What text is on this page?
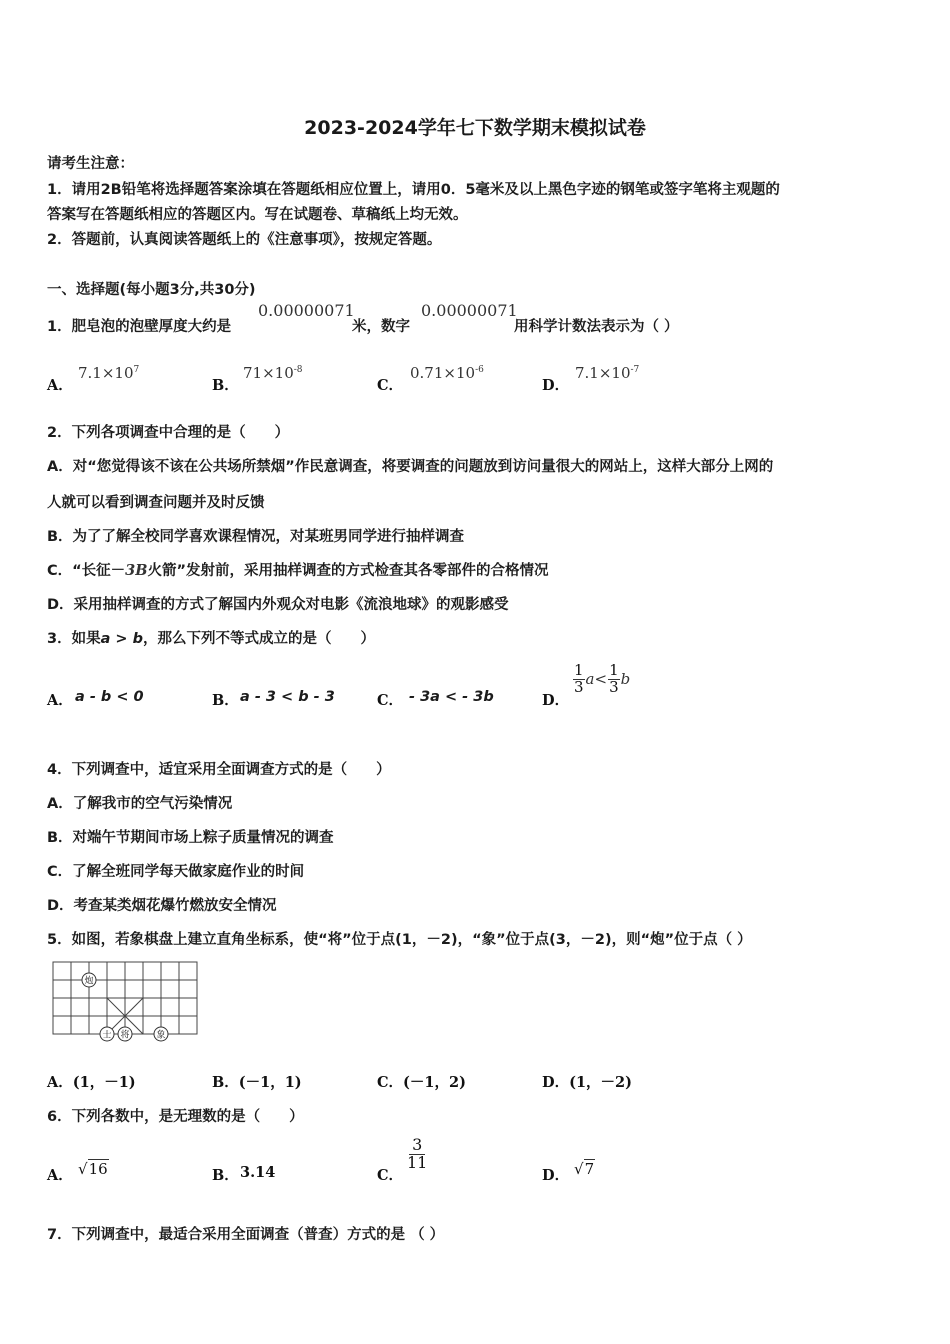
2023-2024学年七下数学期末模拟试卷
请考生注意：
1．请用2B铅笔将选择题答案涂填在答题纸相应位置上，请用0．5毫米及以上黑色字迹的钢笔或签字笔将主观题的
答案写在答题纸相应的答题区内。写在试题卷、草稿纸上均无效。
2．答题前，认真阅读答题纸上的《注意事项》，按规定答题。
一、选择题(每小题3分,共30分)
1．肥皂泡的泡壁厚度大约是
0.00000071
米，数字
0.00000071
用科学计数法表示为（ ）
A．
$7.1\times 10^7$
B．
$71\times 10^{-8}$
C．
$0.71\times 10^{-6}$
D．
$7.1\times 10^{-7}$
2．下列各项调查中合理的是（　　）
A．对“您觉得该不该在公共场所禁烟”作民意调查，将要调查的问题放到访问量很大的网站上，这样大部分上网的
人就可以看到调查问题并及时反馈
B．为了了解全校同学喜欢课程情况，对某班男同学进行抽样调查
C．“长征－3B火箭”发射前，采用抽样调查的方式检查其各零部件的合格情况
D．采用抽样调查的方式了解国内外观众对电影《流浪地球》的观影感受
3．如果a > b，那么下列不等式成立的是（　　）
A． a - b < 0	B． a - 3 < b - 3	C． - 3a < - 3b	D．
$\frac{1}{3} a< \frac{1}{3}$ b
4．下列调查中，适宜采用全面调查方式的是（　　）
A．了解我市的空气污染情况
B．对端午节期间市场上粽子质量情况的调查
C．了解全班同学每天做家庭作业的时间
D．考查某类烟花爆竹燃放安全情况
5．如图，若象棋盘上建立直角坐标系，使“将”位于点(1，－2)，“象”位于点(3，－2)，则“炮”位于点（ ）
炮
士 将	象
A．(1，－1)	B．(－1，1)	C．(－1，2)	D．(1，－2)
6．下列各数中，是无理数的是（　　）
A． √16	B． 3.14	C．
$\frac{3}{11}$
D． √7
7．下列调查中，最适合采用全面调查（普查）方式的是 （ ）
